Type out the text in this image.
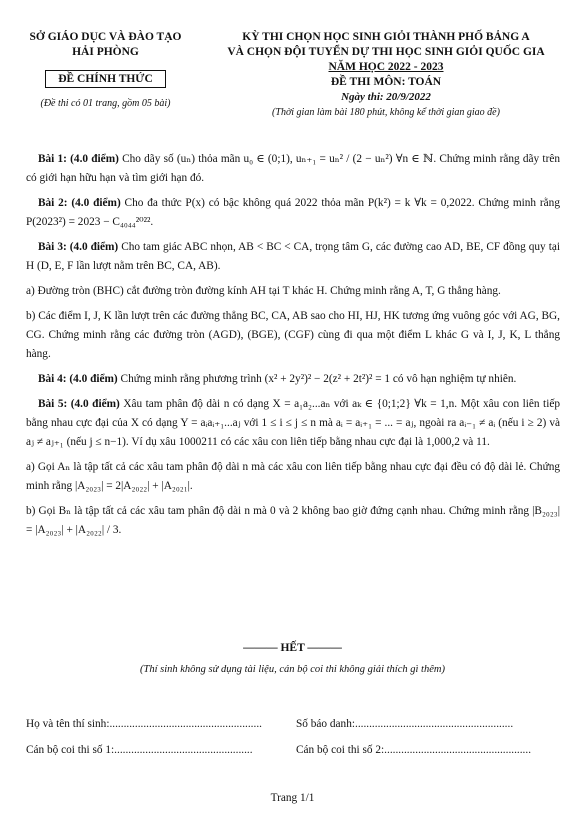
SỞ GIÁO DỤC VÀ ĐÀO TẠO
HẢI PHÒNG
ĐỀ CHÍNH THỨC
(Đề thi có 01 trang, gồm 05 bài)
KỲ THI CHỌN HỌC SINH GIỎI THÀNH PHỐ BẢNG A
VÀ CHỌN ĐỘI TUYỂN DỰ THI HỌC SINH GIỎI QUỐC GIA
NĂM HỌC 2022 - 2023
ĐỀ THI MÔN: TOÁN
Ngày thi: 20/9/2022
(Thời gian làm bài 180 phút, không kể thời gian giao đề)

Bài 1: (4.0 điểm) Cho dãy số (uₙ) thỏa mãn u₀ ∈ (0;1), uₙ₊₁ = uₙ² / (2 − uₙ²) ∀n ∈ ℕ. Chứng minh rằng dãy trên có giới hạn hữu hạn và tìm giới hạn đó.

Bài 2: (4.0 điểm) Cho đa thức P(x) có bậc không quá 2022 thỏa mãn P(k²) = k ∀k = 0,2022. Chứng minh rằng P(2023²) = 2023 − C₄₀₄₄²⁰²².

Bài 3: (4.0 điểm) Cho tam giác ABC nhọn, AB < BC < CA, trọng tâm G, các đường cao AD, BE, CF đồng quy tại H (D, E, F lần lượt nằm trên BC, CA, AB).

a) Đường tròn (BHC) cắt đường tròn đường kính AH tại T khác H. Chứng minh rằng A, T, G thẳng hàng.

b) Các điểm I, J, K lần lượt trên các đường thẳng BC, CA, AB sao cho HI, HJ, HK tương ứng vuông góc với AG, BG, CG. Chứng minh rằng các đường tròn (AGD), (BGE), (CGF) cùng đi qua một điểm L khác G và I, J, K, L thẳng hàng.

Bài 4: (4.0 điểm) Chứng minh rằng phương trình (x² + 2y²)² − 2(z² + 2t²)² = 1 có vô hạn nghiệm tự nhiên.

Bài 5: (4.0 điểm) Xâu tam phân độ dài n có dạng X = a₁a₂...aₙ với aₖ ∈ {0;1;2} ∀k = 1,n. Một xâu con liên tiếp bằng nhau cực đại của X có dạng Y = aᵢaᵢ₊₁...aⱼ với 1 ≤ i ≤ j ≤ n mà aᵢ = aᵢ₊₁ = ... = aⱼ, ngoài ra aᵢ₋₁ ≠ aᵢ (nếu i ≥ 2) và aⱼ ≠ aⱼ₊₁ (nếu j ≤ n−1). Ví dụ xâu 1000211 có các xâu con liên tiếp bằng nhau cực đại là 1,000,2 và 11.

a) Gọi Aₙ là tập tất cả các xâu tam phân độ dài n mà các xâu con liên tiếp bằng nhau cực đại đều có độ dài lẻ. Chứng minh rằng |A₂₀₂₃| = 2|A₂₀₂₂| + |A₂₀₂₁|.

b) Gọi Bₙ là tập tất cả các xâu tam phân độ dài n mà 0 và 2 không bao giờ đứng cạnh nhau. Chứng minh rằng |B₂₀₂₃| = |A₂₀₂₃| + |A₂₀₂₂| / 3.

——— HẾT ———
(Thí sinh không sử dụng tài liệu, cán bộ coi thi không giải thích gì thêm)
Họ và tên thí sinh:......................................................	Số báo danh:........................................................
Cán bộ coi thi số 1:.................................................	Cán bộ coi thi số 2:....................................................
Trang 1/1
